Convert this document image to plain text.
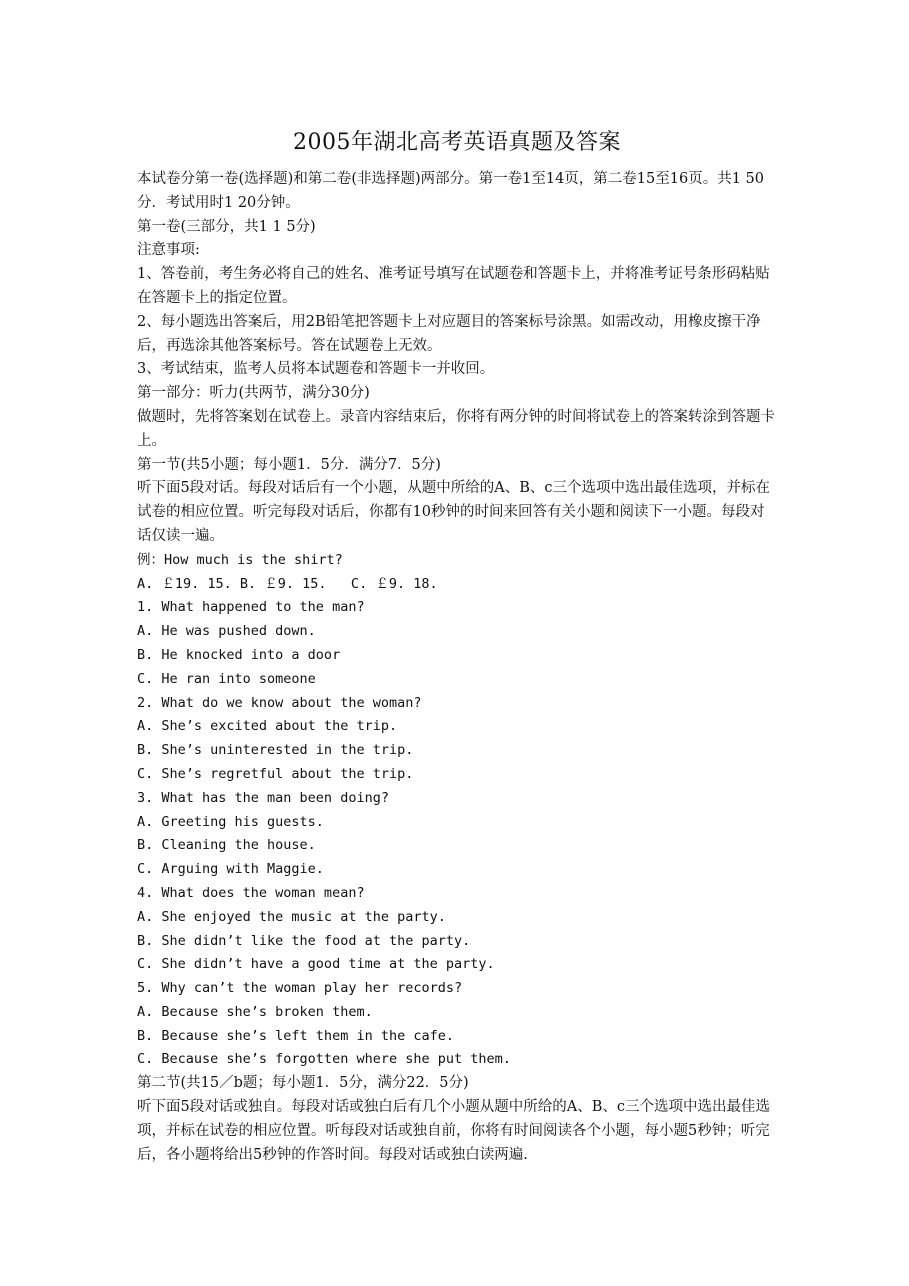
2005年湖北高考英语真题及答案
本试卷分第一卷(选择题)和第二卷(非选择题)两部分。第一卷1至14页，第二卷15至16页。共1 50分．考试用时1 20分钟。
第一卷(三部分，共1 1 5分)
注意事项:
1、答卷前，考生务必将自己的姓名、准考证号填写在试题卷和答题卡上，并将准考证号条形码粘贴在答题卡上的指定位置。
2、每小题选出答案后，用2B铅笔把答题卡上对应题目的答案标号涂黑。如需改动，用橡皮擦干净后，再选涂其他答案标号。答在试题卷上无效。
3、考试结束，监考人员将本试题卷和答题卡一并收回。
第一部分：听力(共两节，满分30分)
做题时，先将答案划在试卷上。录音内容结束后，你将有两分钟的时间将试卷上的答案转涂到答题卡上。
第一节(共5小题；每小题1．5分．满分7．5分)
听下面5段对话。每段对话后有一个小题，从题中所给的A、B、c三个选项中选出最佳选项，并标在试卷的相应位置。听完每段对话后，你都有10秒钟的时间来回答有关小题和阅读下一小题。每段对话仅读一遍。
例：How much is the shirt?
A. ￡19. 15. B. ￡9. 15.   C. ￡9. 18.
1. What happened to the man?
A. He was pushed down.
B. He knocked into a door
C. He ran into someone
2. What do we know about the woman?
A. She’s excited about the trip.
B. She’s uninterested in the trip.
C. She’s regretful about the trip.
3. What has the man been doing?
A. Greeting his guests.
B. Cleaning the house.
C. Arguing with Maggie.
4. What does the woman mean?
A. She enjoyed the music at the party.
B. She didn’t like the food at the party.
C. She didn’t have a good time at the party.
5. Why can’t the woman play her records?
A. Because she’s broken them.
B. Because she’s left them in the cafe.
C. Because she’s forgotten where she put them.
第二节(共15／b题；每小题1．5分，满分22．5分)
听下面5段对话或独自。每段对话或独白后有几个小题从题中所给的A、B、c三个选项中选出最佳选项，并标在试卷的相应位置。听每段对话或独自前，你将有时间阅读各个小题，每小题5秒钟；听完后，各小题将给出5秒钟的作答时间。每段对话或独白读两遍.
